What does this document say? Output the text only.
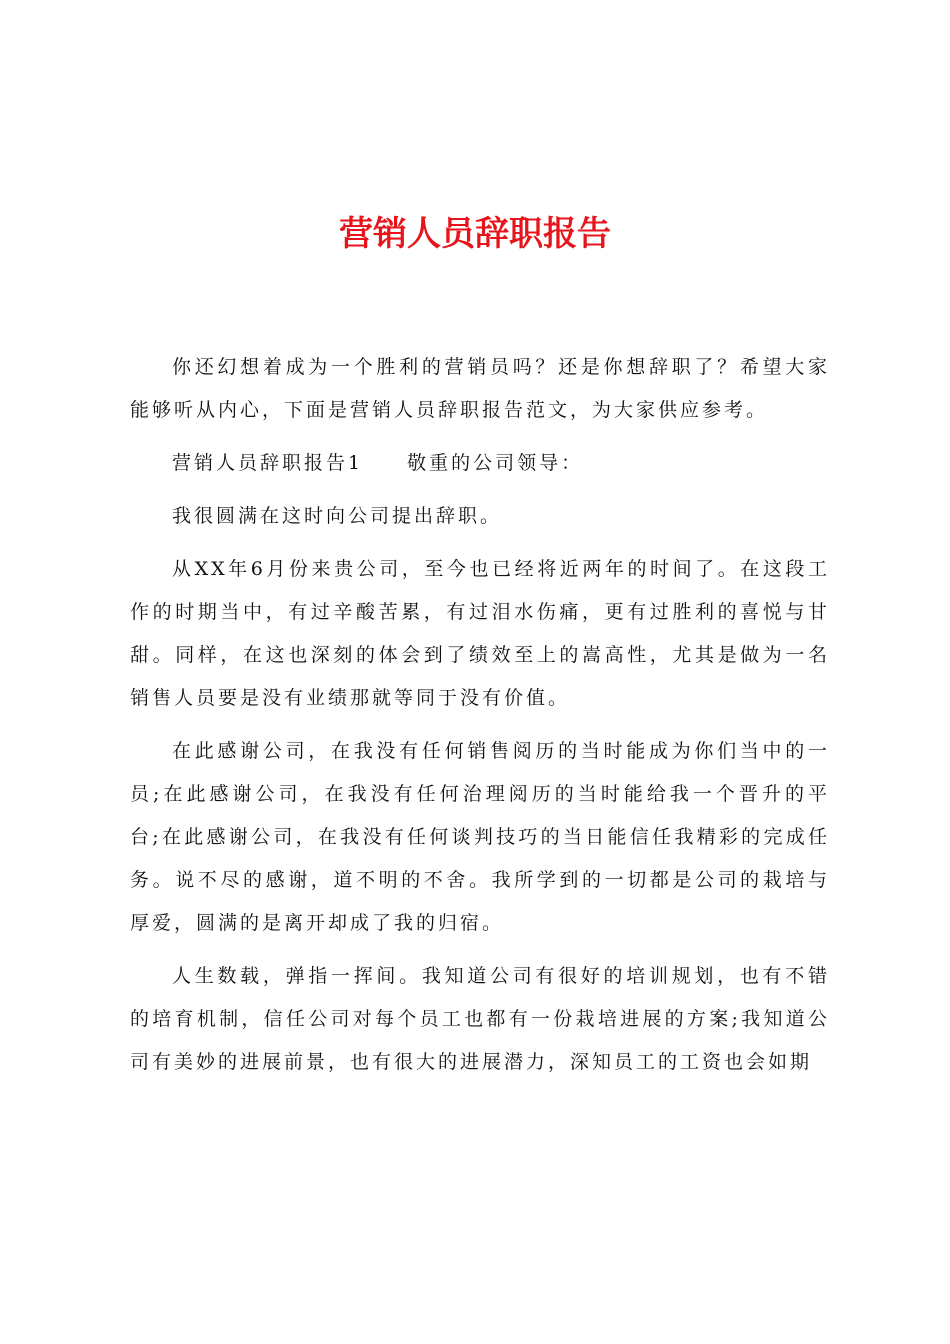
营销人员辞职报告

你还幻想着成为一个胜利的营销员吗？还是你想辞职了？希望大家能够听从内心，下面是营销人员辞职报告范文，为大家供应参考。

营销人员辞职报告1　　敬重的公司领导：

我很圆满在这时向公司提出辞职。

从XX年6月份来贵公司，至今也已经将近两年的时间了。在这段工作的时期当中，有过辛酸苦累，有过泪水伤痛，更有过胜利的喜悦与甘甜。同样，在这也深刻的体会到了绩效至上的嵩高性，尤其是做为一名销售人员要是没有业绩那就等同于没有价值。

在此感谢公司，在我没有任何销售阅历的当时能成为你们当中的一员;在此感谢公司，在我没有任何治理阅历的当时能给我一个晋升的平台;在此感谢公司，在我没有任何谈判技巧的当日能信任我精彩的完成任务。说不尽的感谢，道不明的不舍。我所学到的一切都是公司的栽培与厚爱，圆满的是离开却成了我的归宿。

人生数载，弹指一挥间。我知道公司有很好的培训规划，也有不错的培育机制，信任公司对每个员工也都有一份栽培进展的方案;我知道公司有美妙的进展前景，也有很大的进展潜力，深知员工的工资也会如期
